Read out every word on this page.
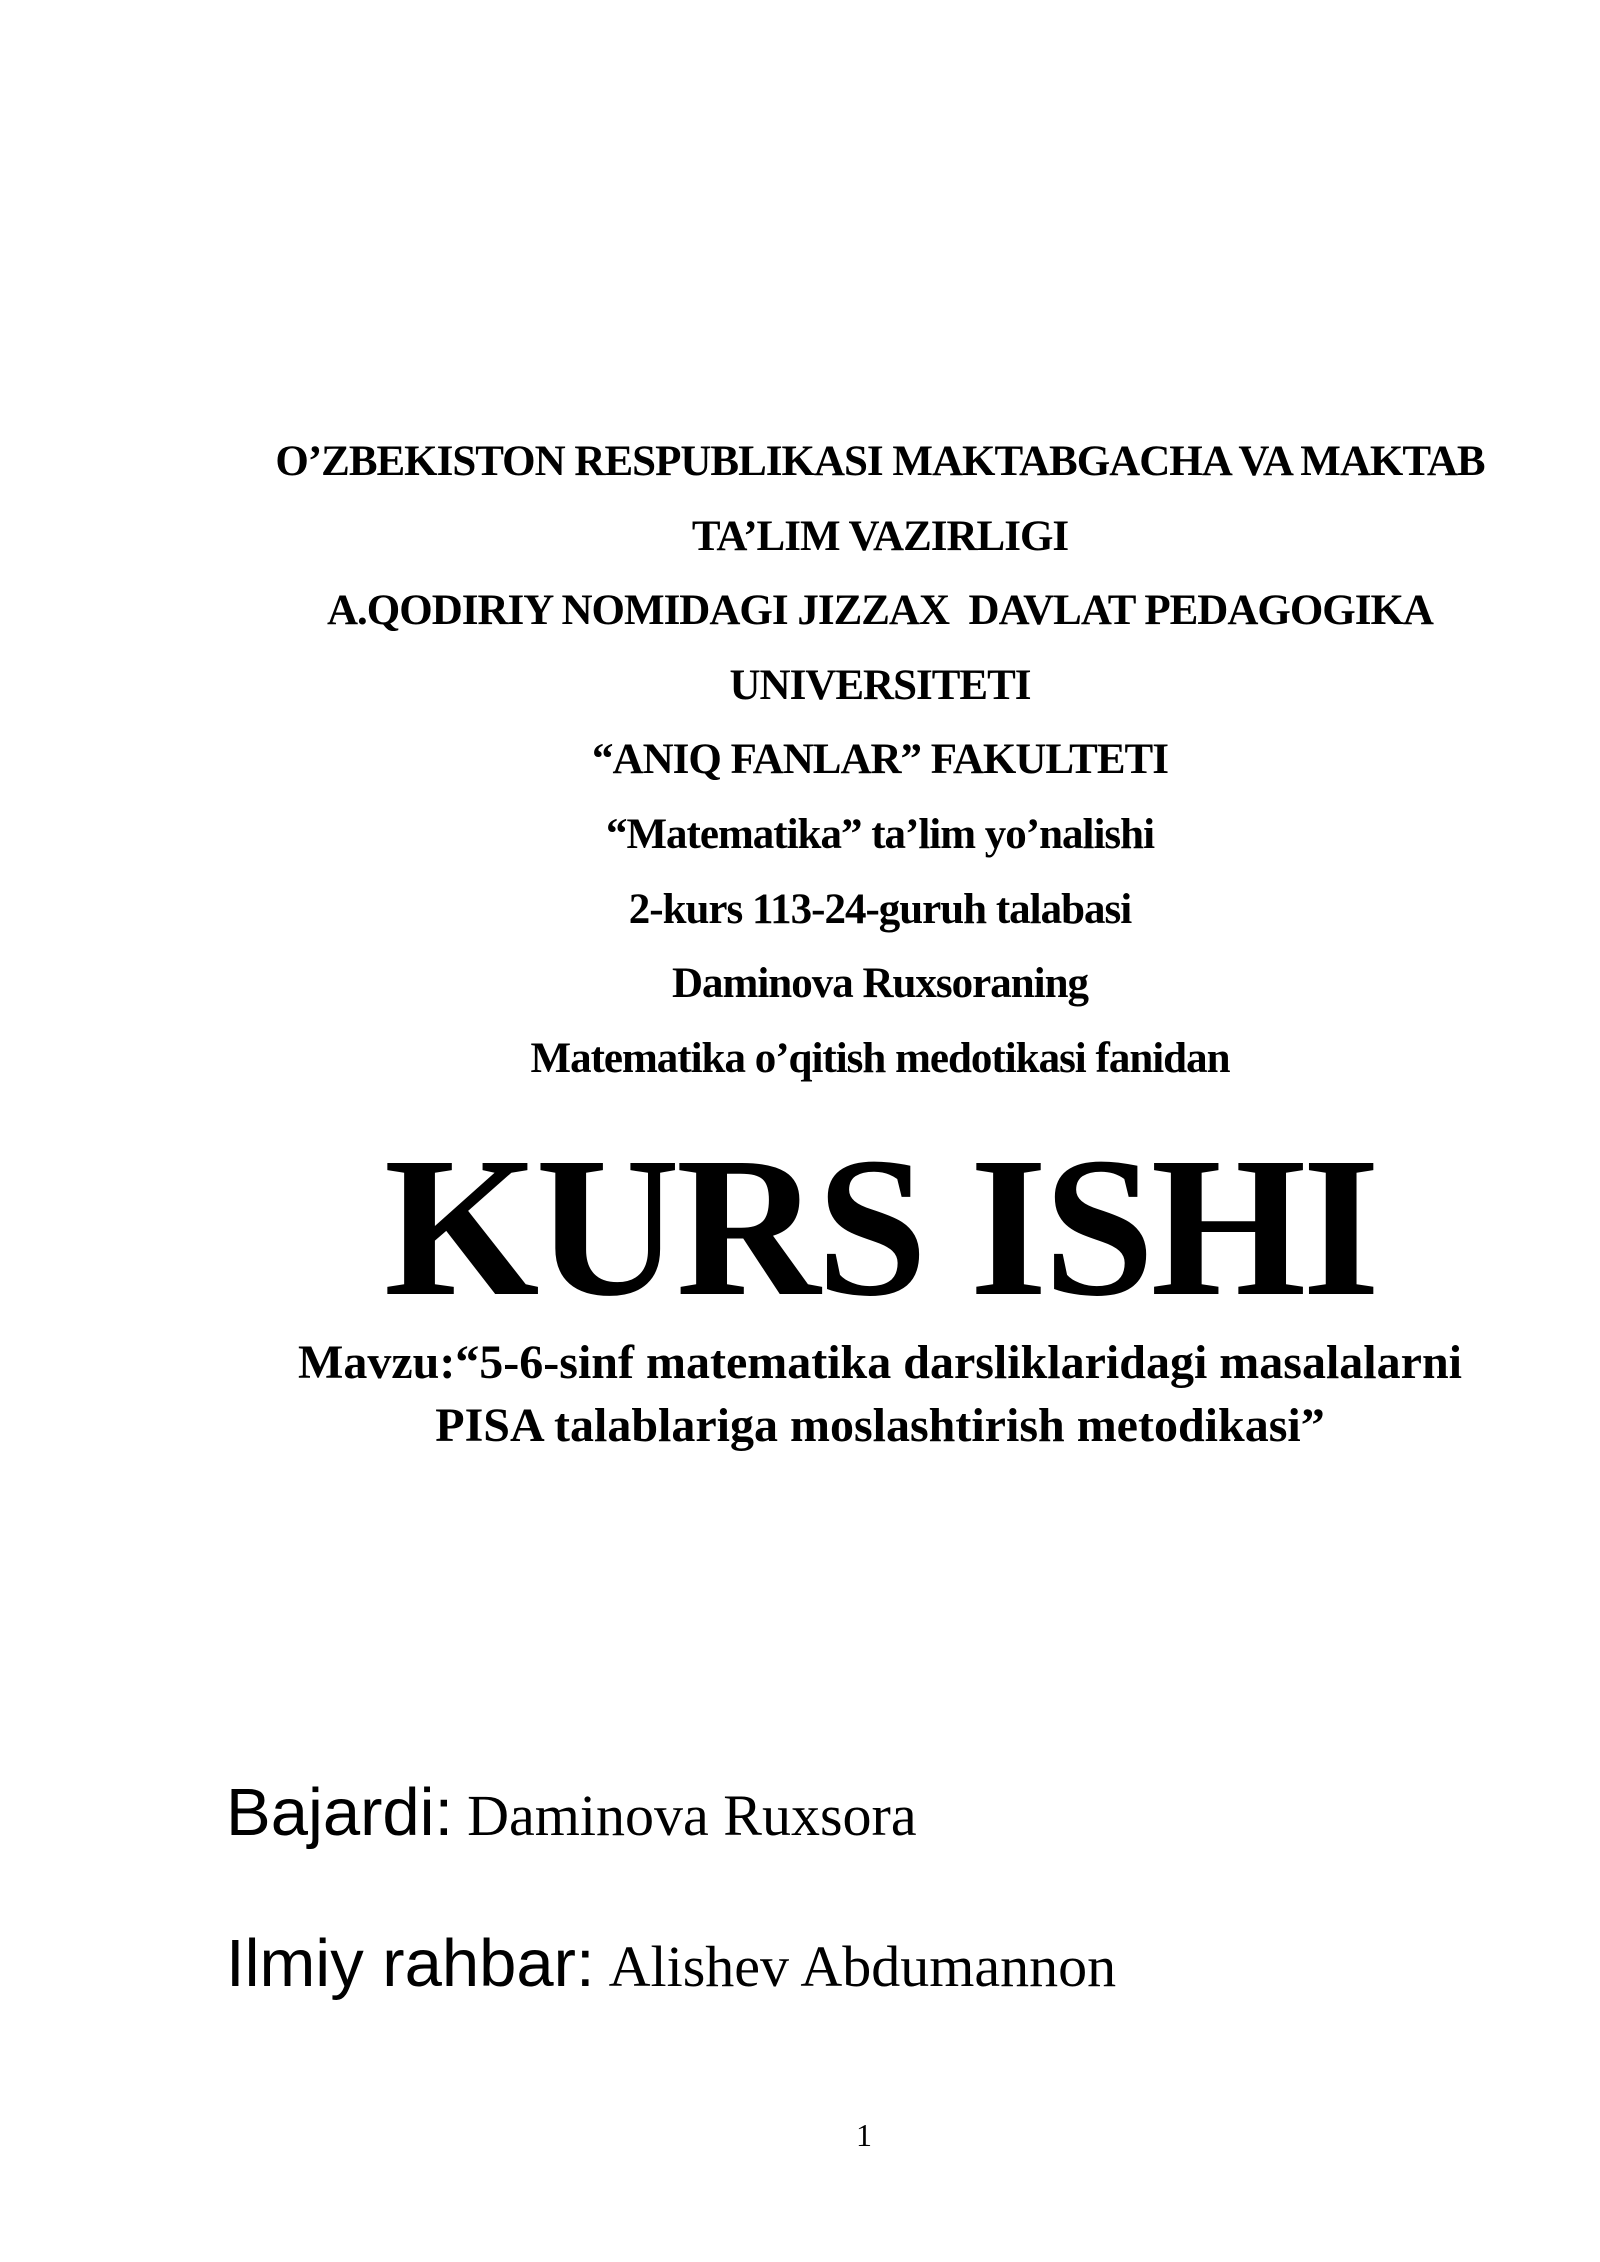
O’ZBEKISTON RESPUBLIKASI MAKTABGACHA VA MAKTAB
TA’LIM VAZIRLIGI
A.QODIRIY NOMIDAGI JIZZAX  DAVLAT PEDAGOGIKA
UNIVERSITETI
“ANIQ FANLAR” FAKULTETI
“Matematika” ta’lim yo’nalishi
2-kurs 113-24-guruh talabasi
Daminova Ruxsoraning
Matematika o’qitish medotikasi fanidan
KURS ISHI
Mavzu:“5-6-sinf matematika darsliklaridagi masalalarni
PISA talablariga moslashtirish metodikasi”
Bajardi: Daminova Ruxsora
Ilmiy rahbar: Alishev Abdumannon
1
